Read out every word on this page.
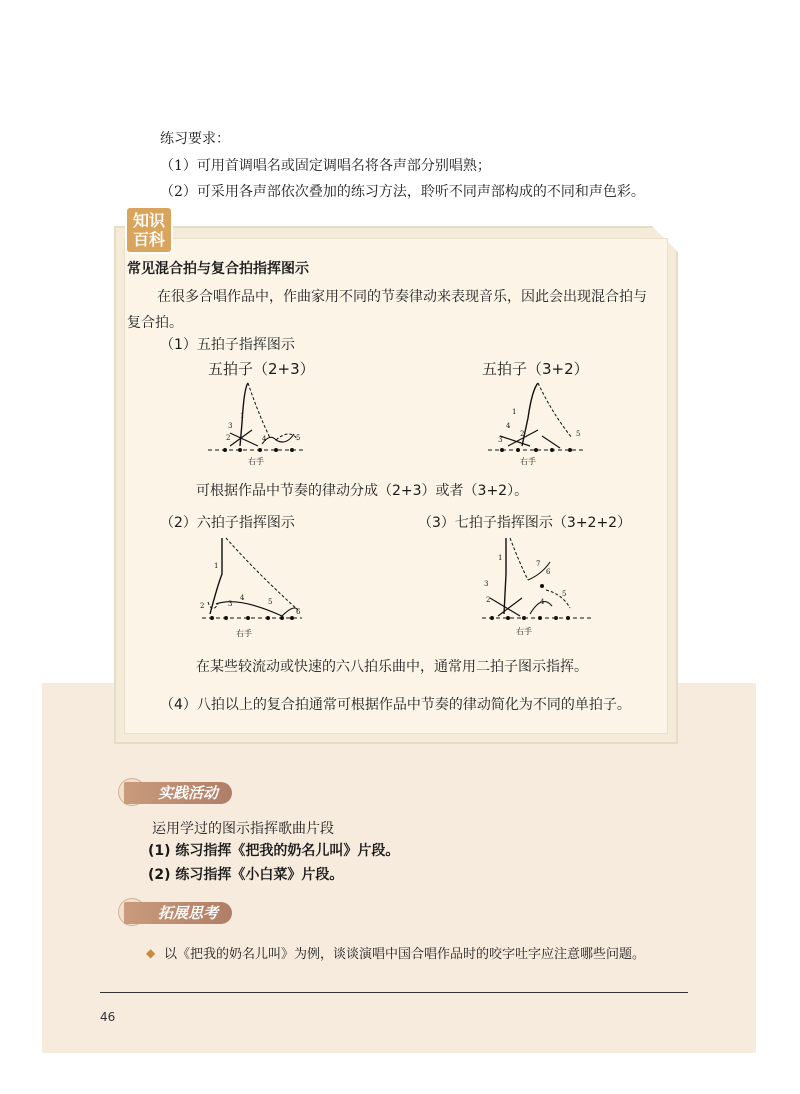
练习要求：
（1）可用首调唱名或固定调唱名将各声部分别唱熟；
（2）可采用各声部依次叠加的练习方法，聆听不同声部构成的不同和声色彩。
知识
百科
常见混合拍与复合拍指挥图示
在很多合唱作品中，作曲家用不同的节奏律动来表现音乐，因此会出现混合拍与复合拍。
（1）五拍子指挥图示
五拍子（2+3）
1
2
3
4	5
右手
五拍子（3+2）
1
2
3
4
5
右手
可根据作品中节奏的律动分成（2+3）或者（3+2）。
（2）六拍子指挥图示	（3）七拍子指挥图示（3+2+2）
1
2	3
4	5
6
右手
1
2
3
4
5
6
7
右手
在某些较流动或快速的六八拍乐曲中，通常用二拍子图示指挥。
（4）八拍以上的复合拍通常可根据作品中节奏的律动简化为不同的单拍子。
实践活动
运用学过的图示指挥歌曲片段
(1) 练习指挥《把我的奶名儿叫》片段。
(2) 练习指挥《小白菜》片段。
拓展思考
◆ 以《把我的奶名儿叫》为例，谈谈演唱中国合唱作品时的咬字吐字应注意哪些问题。
46
